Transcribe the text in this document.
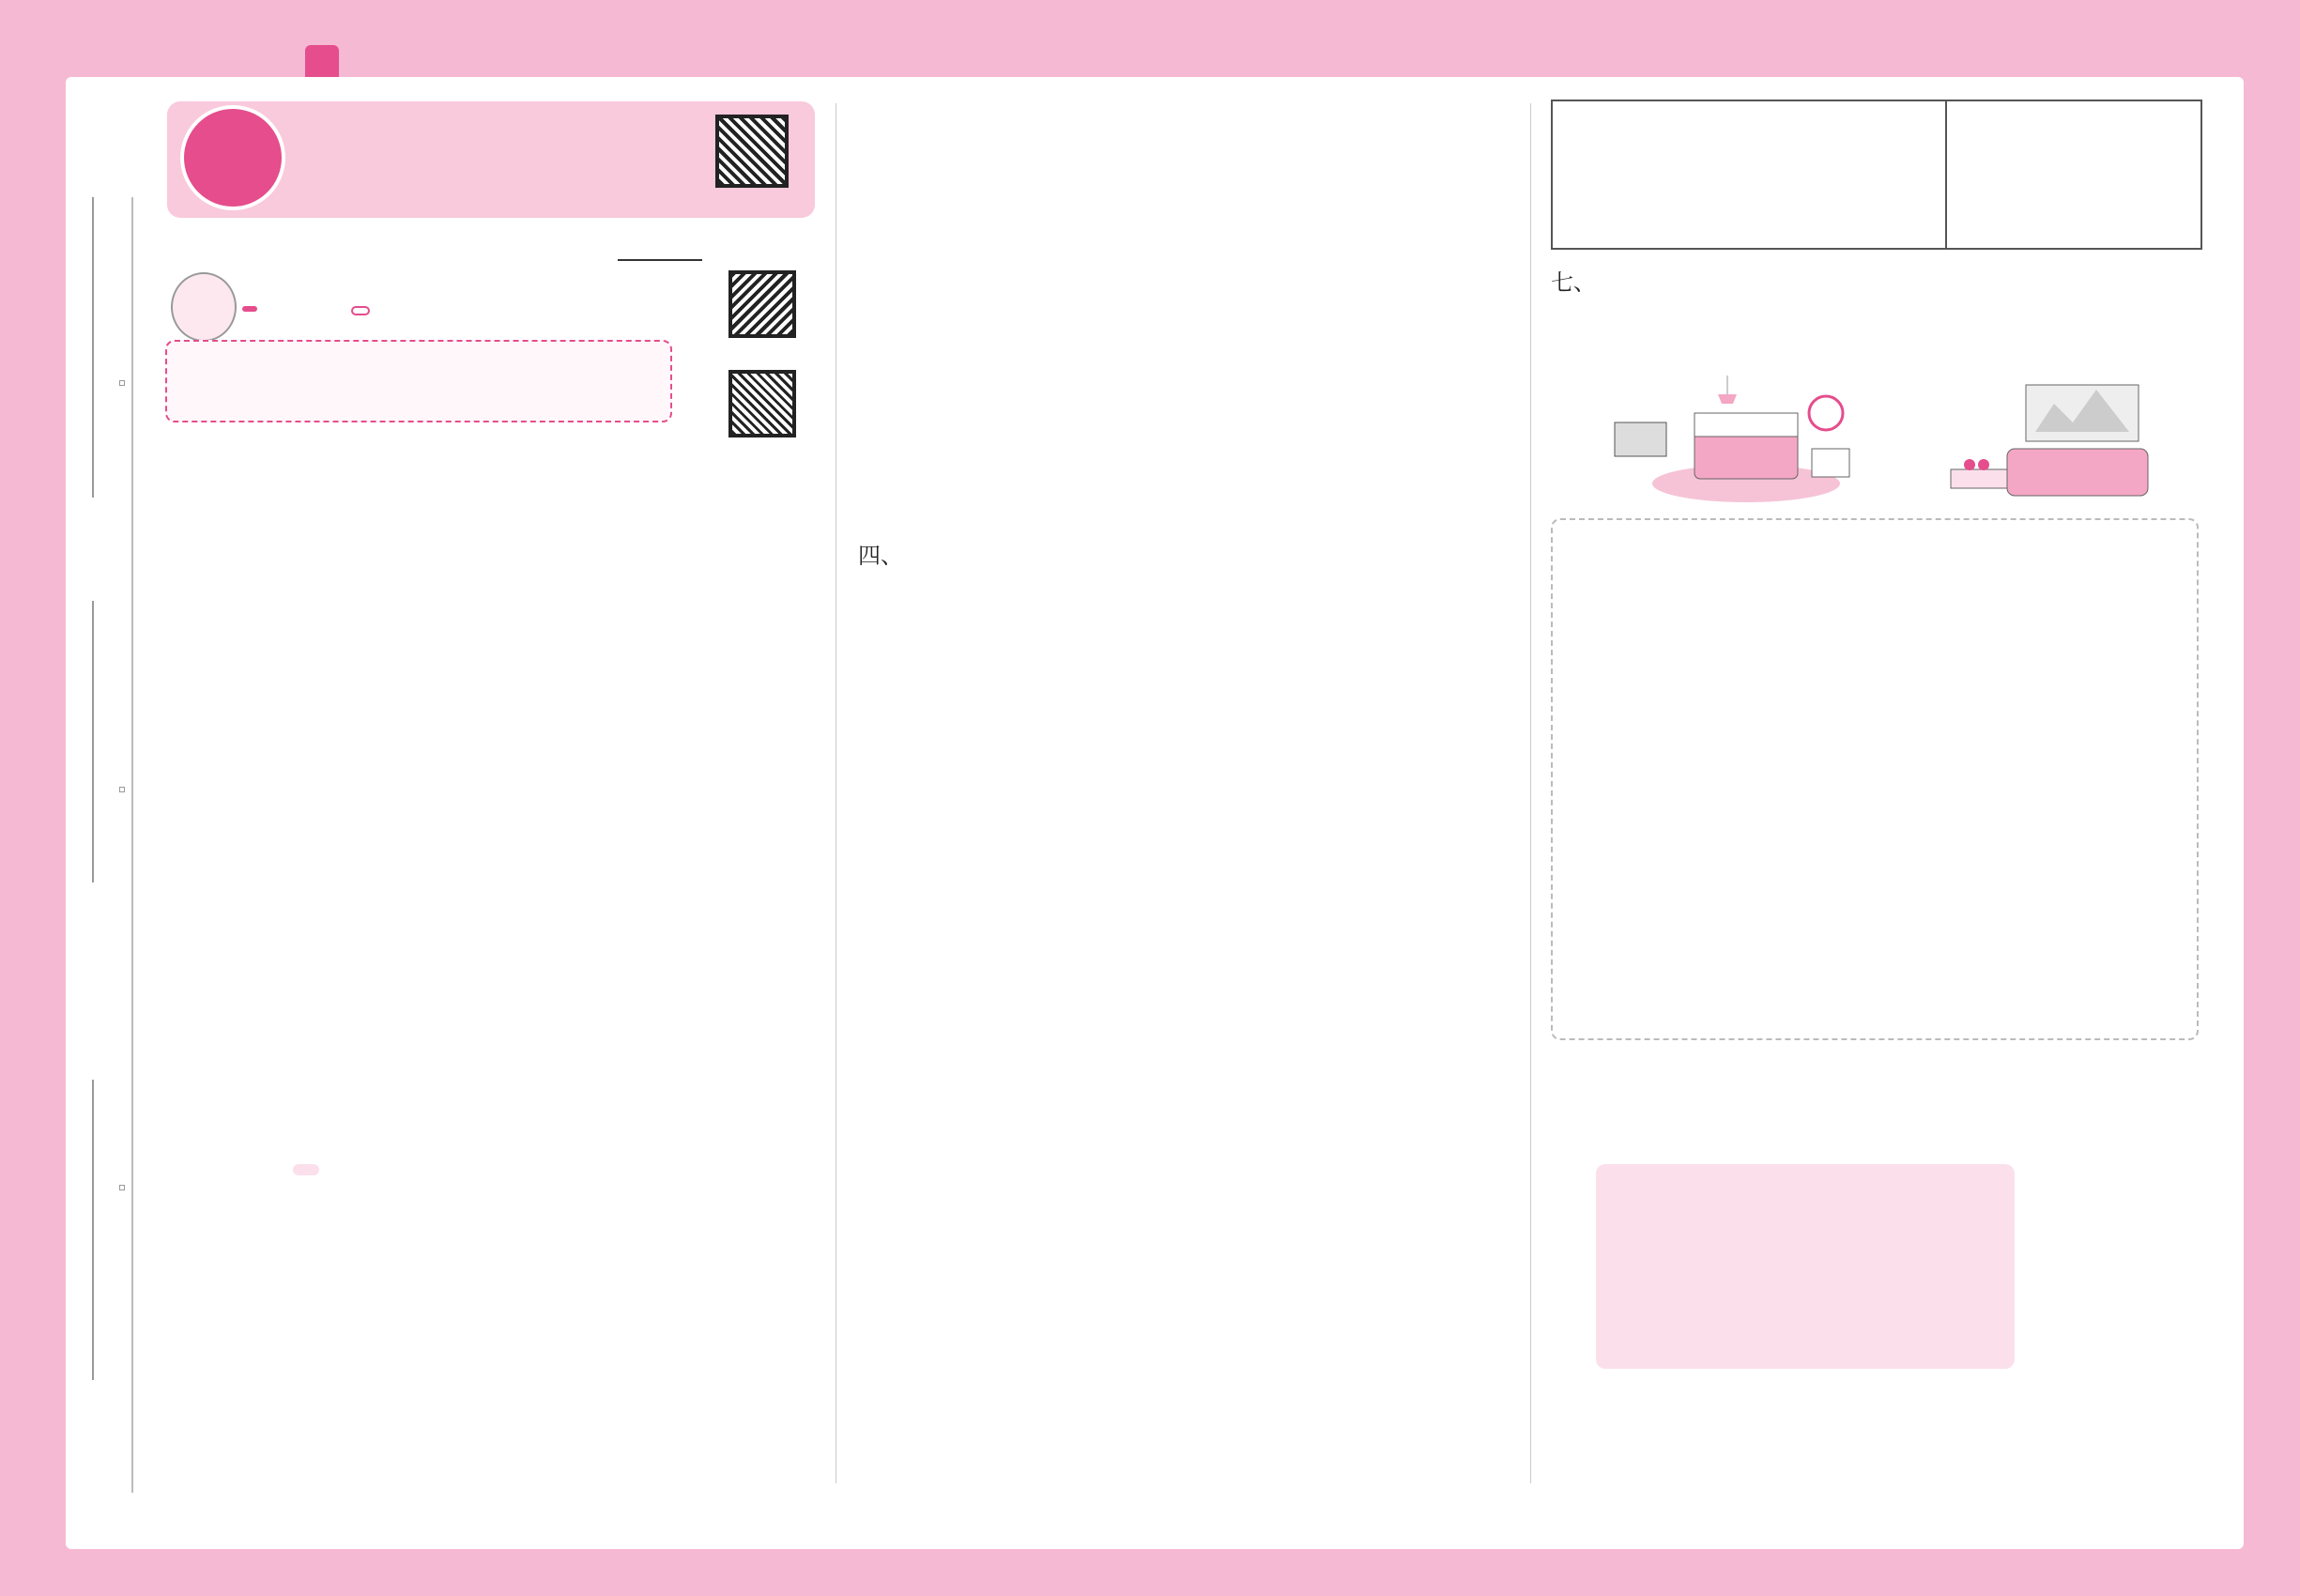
四、
七、
